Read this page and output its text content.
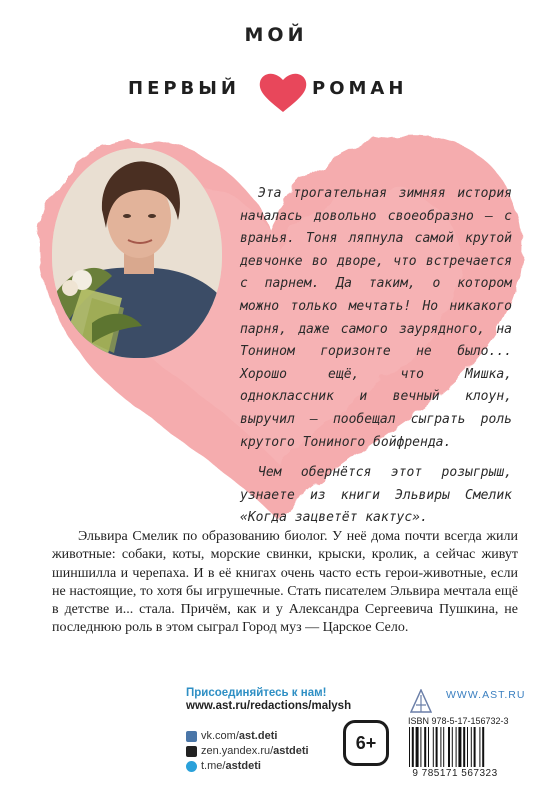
МОЙ
ПЕРВЫЙ	РОМАН

Эта трогательная зимняя история началась довольно своеобразно — с вранья. Тоня ляпнула самой крутой девчонке во дворе, что встречается с парнем. Да таким, о котором можно только мечтать! Но никакого парня, даже самого заурядного, на Тонином горизонте не было... Хорошо ещё, что Мишка, одноклассник и вечный клоун, выручил — пообещал сыграть роль крутого Тониного бойфренда.

Чем обернётся этот розыгрыш, узнаете из книги Эльвиры Смелик «Когда зацветёт кактус».

Эльвира Смелик по образованию биолог. У неё дома почти всегда жили животные: собаки, коты, морские свинки, крыски, кролик, а сейчас живут шиншилла и черепаха. И в её книгах очень часто есть герои-животные, если не настоящие, то хотя бы игрушечные. Стать писателем Эльвира мечтала ещё в детстве и... стала. Причём, как и у Александра Сергеевича Пушкина, не последнюю роль в этом сыграл Город муз — Царское Село.

Присоединяйтесь к нам!
www.ast.ru/redactions/malysh
vk.com/ ast.deti
zen.yandex.ru/ astdeti
t.me/ astdeti
6+
WWW.AST.RU
ISBN 978-5-17-156732-3
9 785171 567323
